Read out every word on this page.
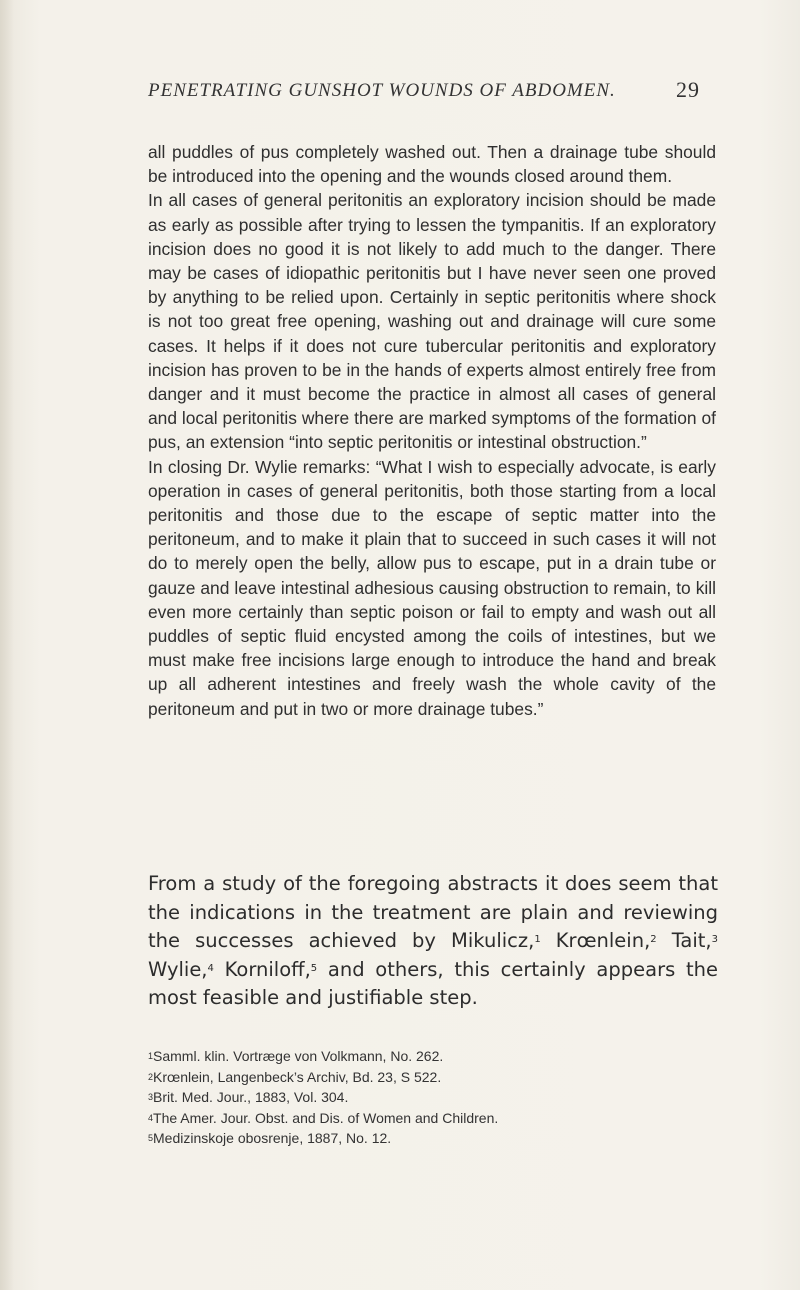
PENETRATING GUNSHOT WOUNDS OF ABDOMEN.	29

all puddles of pus completely washed out. Then a drainage tube should be introduced into the opening and the wounds closed around them.

In all cases of general peritonitis an exploratory incision should be made as early as possible after trying to lessen the tympanitis. If an exploratory incision does no good it is not likely to add much to the danger. There may be cases of idiopathic peritonitis but I have never seen one proved by anything to be relied upon. Certainly in septic peritonitis where shock is not too great free opening, washing out and drainage will cure some cases. It helps if it does not cure tubercular peritonitis and exploratory incision has proven to be in the hands of experts almost entirely free from danger and it must become the practice in almost all cases of general and local peritonitis where there are marked symptoms of the formation of pus, an extension “into septic peritonitis or intestinal obstruction.”

In closing Dr. Wylie remarks: “What I wish to especially advocate, is early operation in cases of general peritonitis, both those starting from a local peritonitis and those due to the escape of septic matter into the peritoneum, and to make it plain that to succeed in such cases it will not do to merely open the belly, allow pus to escape, put in a drain tube or gauze and leave intestinal adhesious causing obstruction to remain, to kill even more certainly than septic poison or fail to empty and wash out all puddles of septic fluid encysted among the coils of intestines, but we must make free incisions large enough to introduce the hand and break up all adherent intestines and freely wash the whole cavity of the peritoneum and put in two or more drainage tubes.”

From a study of the foregoing abstracts it does seem that the indications in the treatment are plain and reviewing the successes achieved by Mikulicz,$^1$ Krœnlein,$^2$ Tait,$^3$ Wylie,$^4$ Korniloff,$^5$ and others, this certainly appears the most feasible and justifiable step.

$^1$Samml. klin. Vortræge von Volkmann, No. 262.

$^2$Krœnlein, Langenbeck’s Archiv, Bd. 23, S 522.

$^3$Brit. Med. Jour., 1883, Vol. 304.

$^4$The Amer. Jour. Obst. and Dis. of Women and Children.

$^5$Medizinskoje obosrenje, 1887, No. 12.
